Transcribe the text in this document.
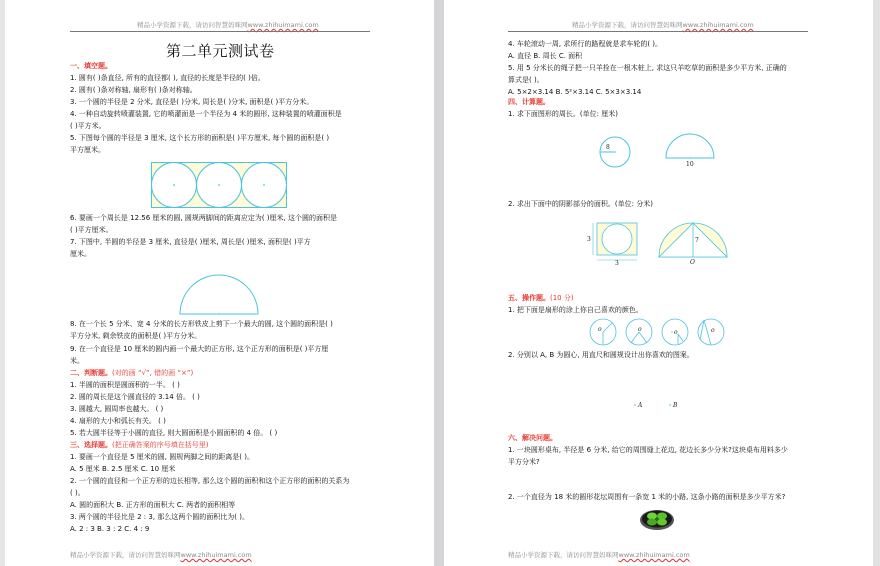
精品小学资源下载，请访问智慧妈咪网www.zhihuimami.com
第二单元测试卷
一、填空题。
1. 圆有( )条直径, 所有的直径都( ), 直径的长度是半径的( )倍。
2. 圆有( )条对称轴, 扇形有( )条对称轴。
3. 一个圆的半径是 2 分米, 直径是( )分米, 周长是( )分米, 面积是( )平方分米。
4. 一种自动旋转喷灌装置, 它的喷灌面是一个半径为 4 米的圆形, 这种装置的喷灌面积是
( )平方米。
5. 下图每个圆的半径是 3 厘米, 这个长方形的面积是( )平方厘米, 每个圆的面积是( )
平方厘米。
6. 要画一个周长是 12.56 厘米的圆, 圆规两脚间的距离应定为( )厘米, 这个圆的面积是
( )平方厘米。
7. 下图中, 半圆的半径是 3 厘米, 直径是( )厘米, 周长是( )厘米, 面积是( )平方
厘米。
8. 在一个长 5 分米、宽 4 分米的长方形铁皮上剪下一个最大的圆, 这个圆的面积是( )
平方分米, 剩余铁皮的面积是( )平方分米。
9. 在一个直径是 10 厘米的圆内画一个最大的正方形, 这个正方形的面积是( )平方厘
米。
二、判断题。(对的画 “√”, 错的画 “×”)
1. 半圆的面积是圆面积的一半。 ( )
2. 圆的周长是这个圆直径的 3.14 倍。 ( )
3. 圆越大, 圆周率也越大。 ( )
4. 扇形的大小和弧长有关。 ( )
5. 若大圆半径等于小圆的直径, 则大圆面积是小圆面积的 4 倍。 ( )
三、选择题。(把正确答案的序号填在括号里)
1. 要画一个直径是 5 厘米的圆, 圆规两脚之间的距离是( )。
A. 5 厘米 B. 2.5 厘米 C. 10 厘米
2. 一个圆的直径和一个正方形的边长相等, 那么这个圆的面积和这个正方形的面积的关系为
( )。
A. 圆的面积大 B. 正方形的面积大 C. 两者的面积相等
3. 两个圆的半径比是 2 : 3, 那么这两个圆的面积比为( )。
A. 2 : 3 B. 3 : 2 C. 4 : 9
精品小学资源下载，请访问智慧妈咪网www.zhihuimami.com
精品小学资源下载，请访问智慧妈咪网www.zhihuimami.com
4. 车轮滚动一周, 求所行的路程就是求车轮的( )。
A. 直径 B. 周长 C. 面积
5. 用 5 分米长的绳子把一只羊拴在一根木桩上, 求这只羊吃草的面积是多少平方米, 正确的
算式是( )。
A. 5×2×3.14 B. 5²×3.14 C. 5×3×3.14
四、计算题。
1. 求下面图形的周长。(单位: 厘米)
8
10
2. 求出下面中的阴影部分的面积。(单位: 分米)
3
3
7
O
五、操作题。(10 分)
1. 把下面是扇形的涂上你自己喜欢的颜色。
o	o	o	o
2. 分别以 A, B 为圆心, 用直尺和圆规设计出你喜欢的图案。
A	B
六、解决问题。
1. 一块圆形桌布, 半径是 6 分米, 给它的周围缝上花边, 花边长多少分米?这块桌布用料多少
平方分米?
2. 一个直径为 18 米的圆形花坛周围有一条宽 1 米的小路, 这条小路的面积是多少平方米?
精品小学资源下载，请访问智慧妈咪网www.zhihuimami.com
